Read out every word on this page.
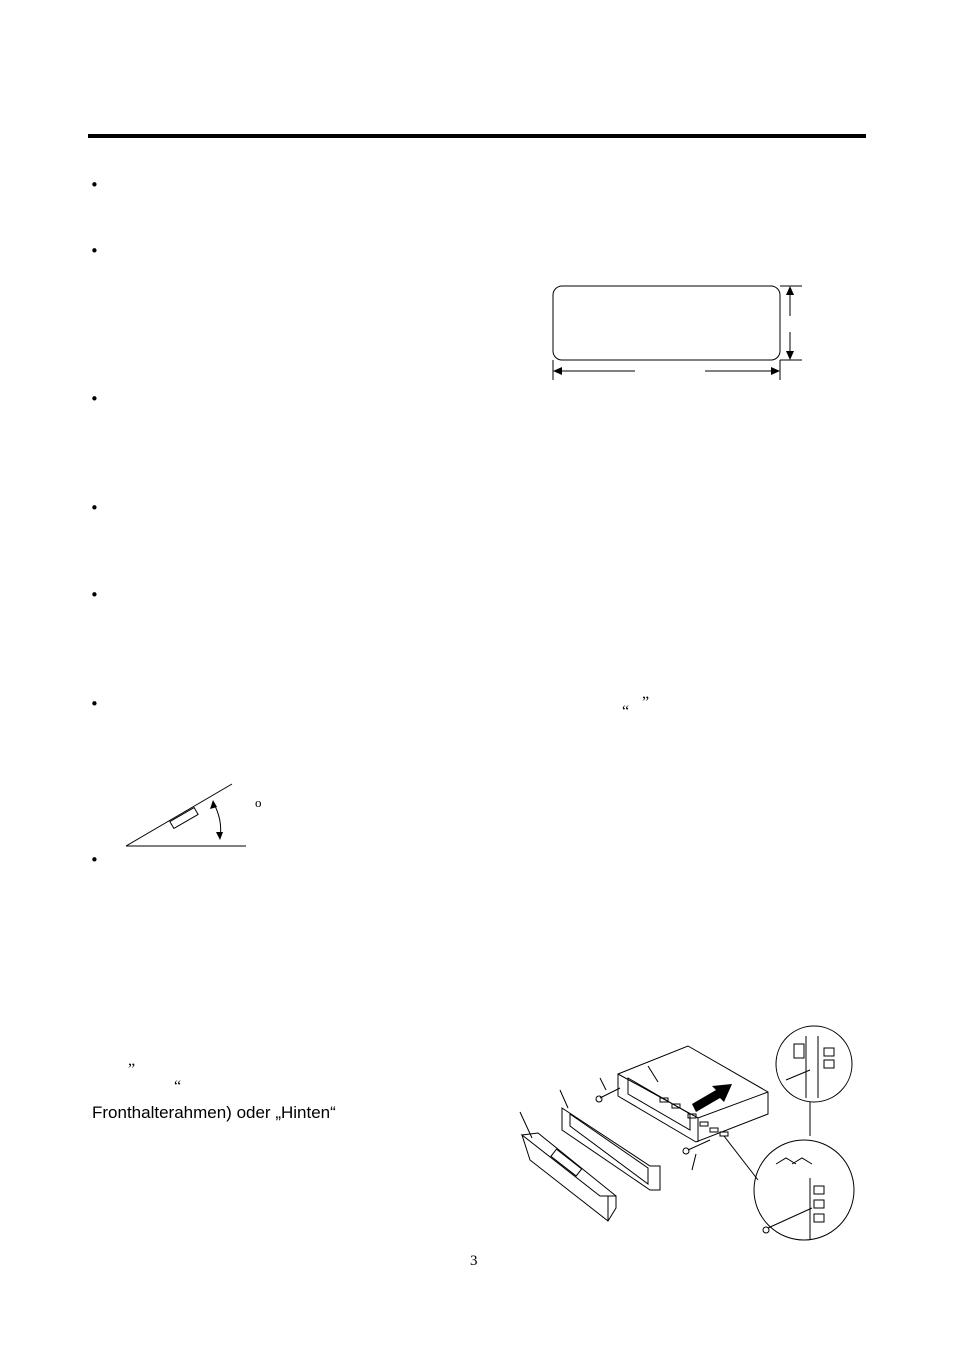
•
•
•
•
•
•
•
“
”
o
”
“
Fronthalterahmen) oder „Hinten“
3
